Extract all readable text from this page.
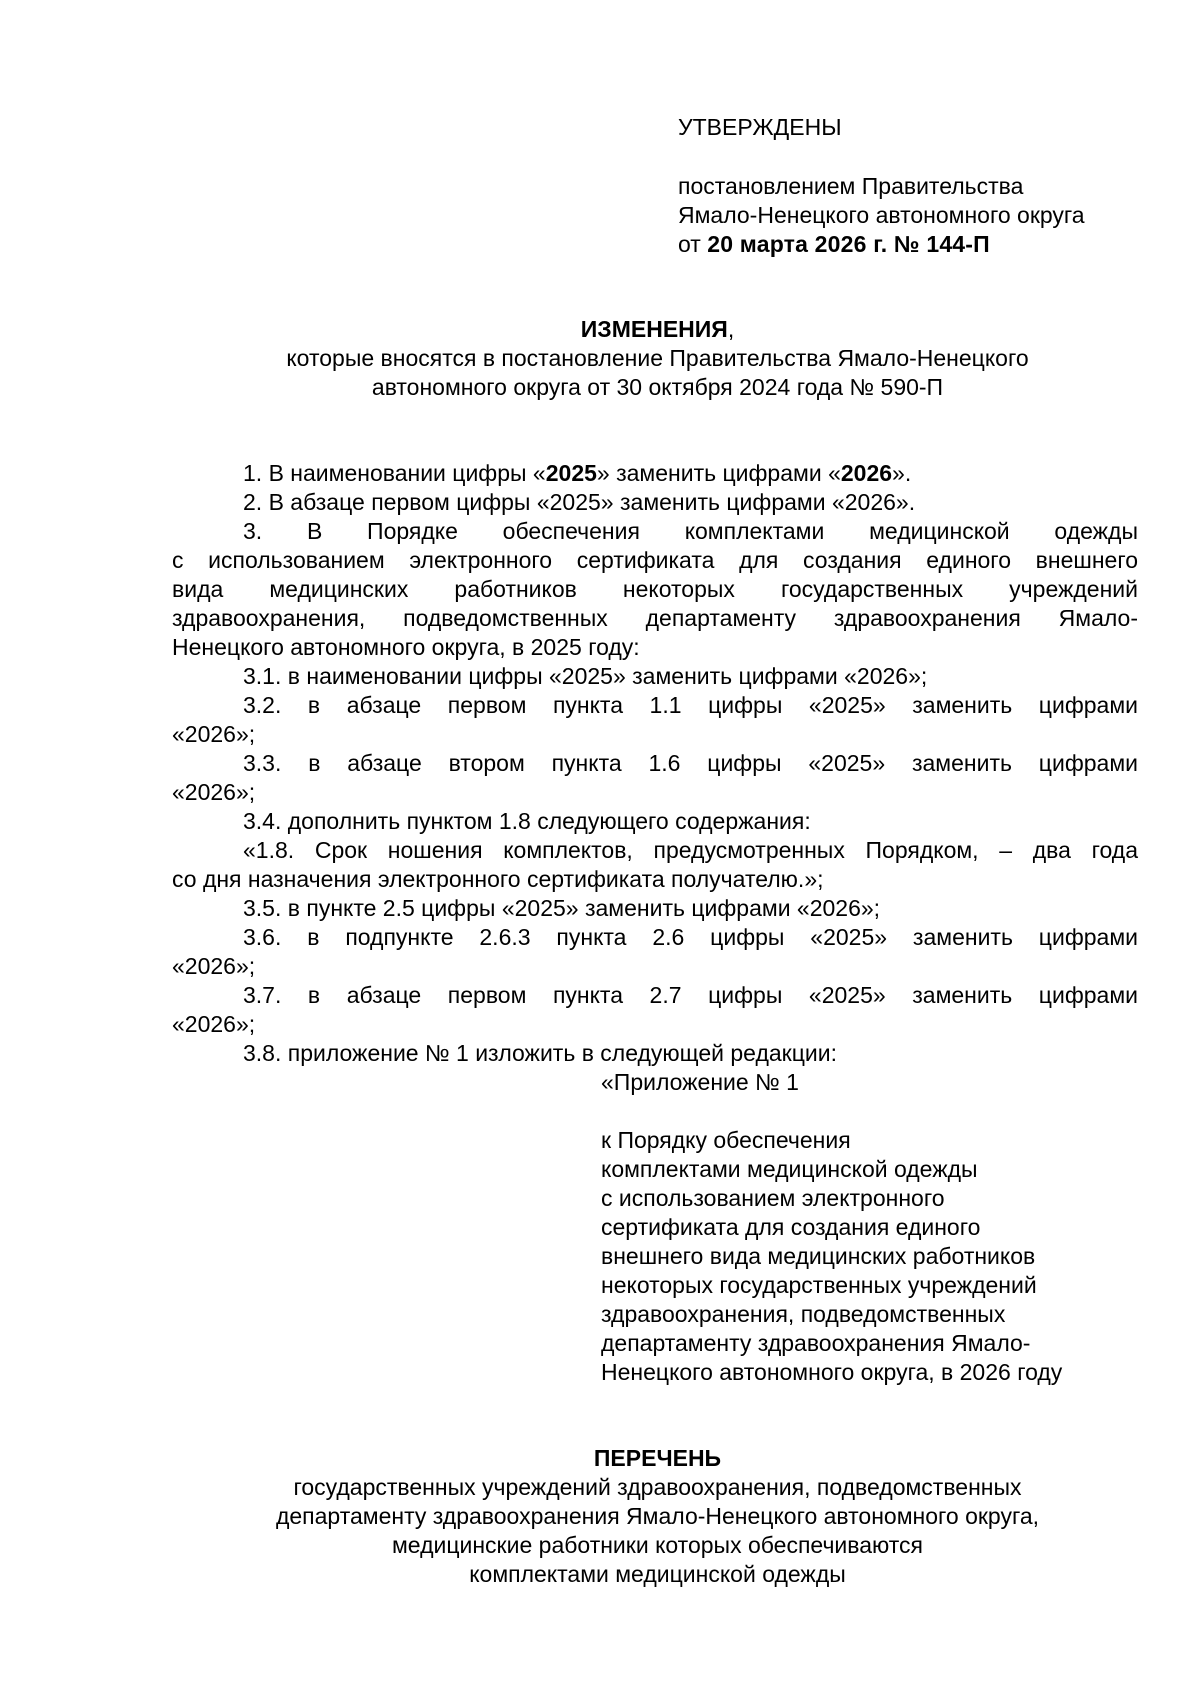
УТВЕРЖДЕНЫ
постановлением Правительства
Ямало-Ненецкого автономного округа
от 20 марта 2026 г. № 144-П
ИЗМЕНЕНИЯ,
которые вносятся в постановление Правительства Ямало-Ненецкого
автономного округа от 30 октября 2024 года № 590-П
1. В наименовании цифры «2025» заменить цифрами «2026».
2. В абзаце первом цифры «2025» заменить цифрами «2026».
3. В Порядке обеспечения комплектами медицинской одежды
с использованием электронного сертификата для создания единого внешнего
вида медицинских работников некоторых государственных учреждений
здравоохранения, подведомственных департаменту здравоохранения Ямало-
Ненецкого автономного округа, в 2025 году:
3.1. в наименовании цифры «2025» заменить цифрами «2026»;
3.2. в абзаце первом пункта 1.1 цифры «2025» заменить цифрами
«2026»;
3.3. в абзаце втором пункта 1.6 цифры «2025» заменить цифрами
«2026»;
3.4. дополнить пунктом 1.8 следующего содержания:
«1.8. Срок ношения комплектов, предусмотренных Порядком, – два года
со дня назначения электронного сертификата получателю.»;
3.5. в пункте 2.5 цифры «2025» заменить цифрами «2026»;
3.6. в подпункте 2.6.3 пункта 2.6 цифры «2025» заменить цифрами
«2026»;
3.7. в абзаце первом пункта 2.7 цифры «2025» заменить цифрами
«2026»;
3.8. приложение № 1 изложить в следующей редакции:
«Приложение № 1
к Порядку обеспечения
комплектами медицинской одежды
с использованием электронного
сертификата для создания единого
внешнего вида медицинских работников
некоторых государственных учреждений
здравоохранения, подведомственных
департаменту здравоохранения Ямало-
Ненецкого автономного округа, в 2026 году
ПЕРЕЧЕНЬ
государственных учреждений здравоохранения, подведомственных
департаменту здравоохранения Ямало-Ненецкого автономного округа,
медицинские работники которых обеспечиваются
комплектами медицинской одежды
